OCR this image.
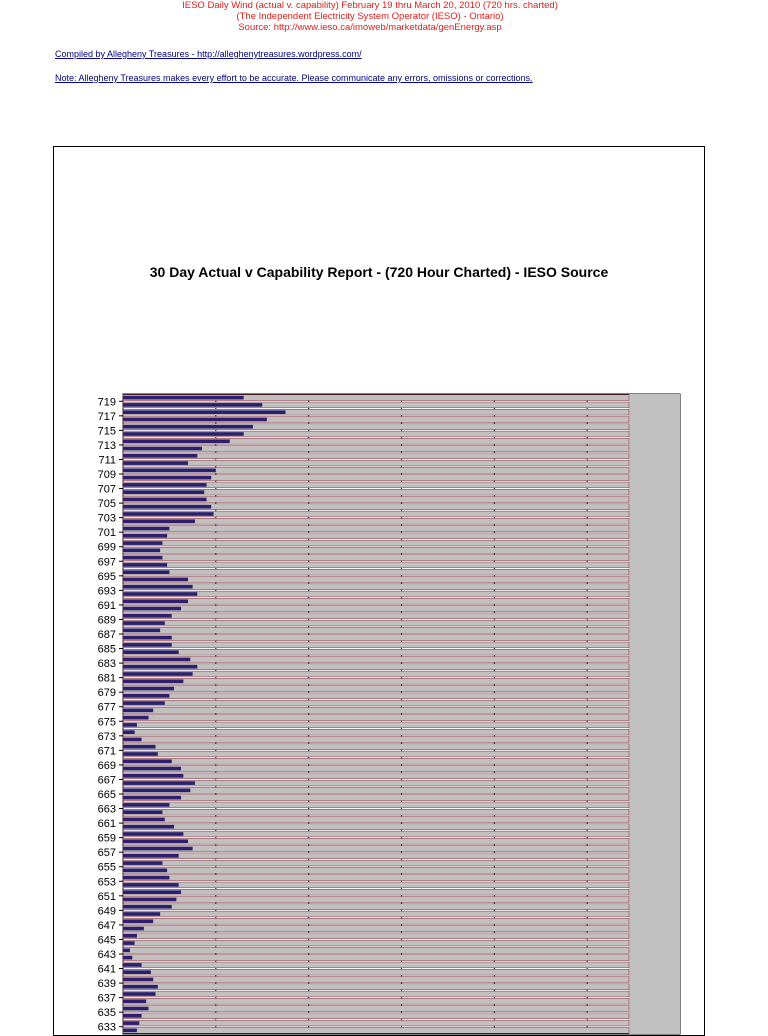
IESO Daily Wind (actual v. capability) February 19 thru March 20, 2010 (720 hrs. charted)
(The Independent Electricity System Operator (IESO) - Ontario)
Source: http://www.ieso.ca/imoweb/marketdata/genEnergy.asp
Compiled by Allegheny Treasures - http://alleghenytreasures.wordpress.com/
Note: Allegheny Treasures makes every effort to be accurate. Please communicate any errors, omissions or corrections.
30 Day Actual v Capability Report - (720 Hour Charted) - IESO Source
719
717
715
713
711
709
707
705
703
701
699
697
695
693
691
689
687
685
683
681
679
677
675
673
671
669
667
665
663
661
659
657
655
653
651
649
647
645
643
641
639
637
635
633
